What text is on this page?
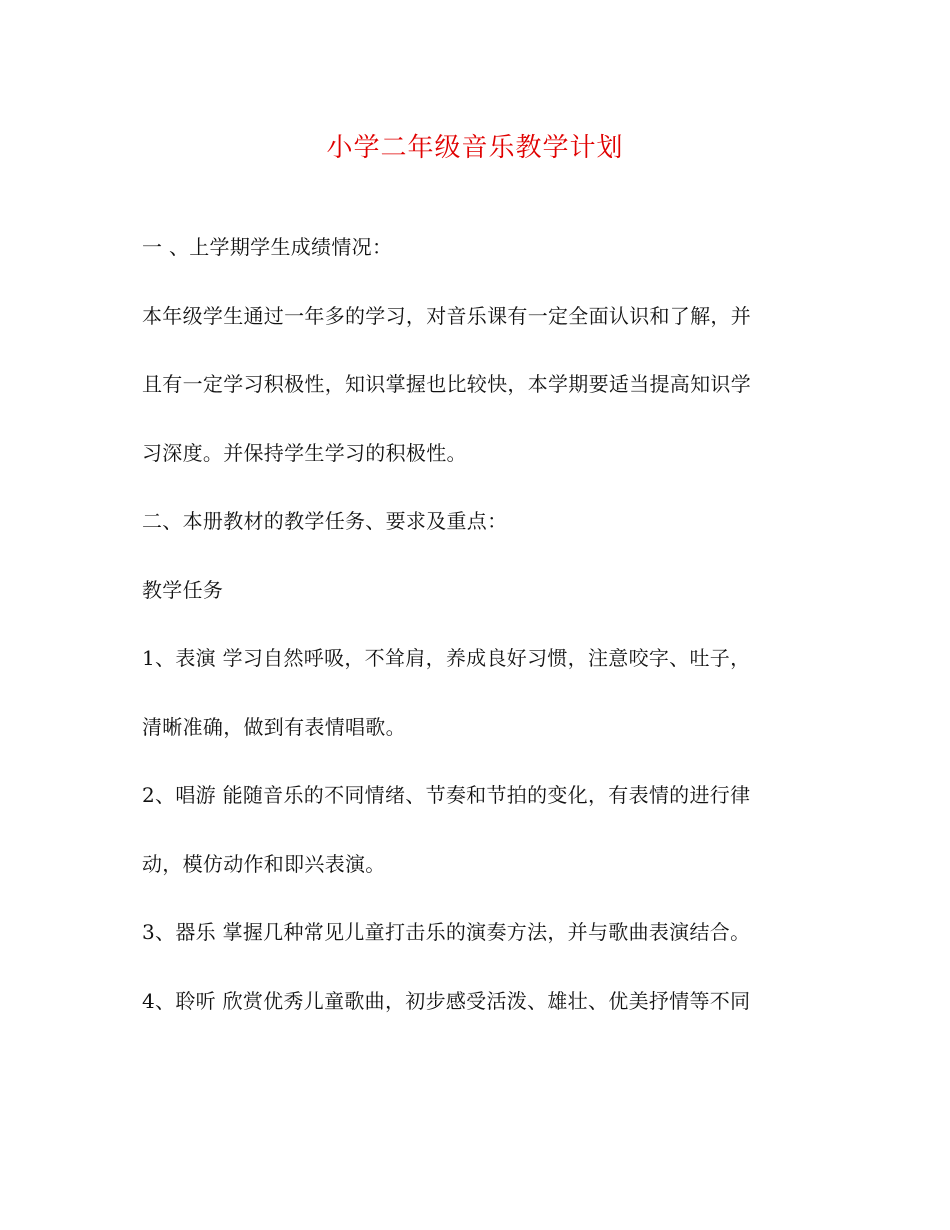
小学二年级音乐教学计划

一 、上学期学生成绩情况：

本年级学生通过一年多的学习，对音乐课有一定全面认识和了解，并

且有一定学习积极性，知识掌握也比较快，本学期要适当提高知识学

习深度。并保持学生学习的积极性。

二、本册教材的教学任务、要求及重点：

教学任务

1、表演 学习自然呼吸，不耸肩，养成良好习惯，注意咬字、吐子，

清晰准确，做到有表情唱歌。

2、唱游 能随音乐的不同情绪、节奏和节拍的变化，有表情的进行律

动，模仿动作和即兴表演。

3、器乐 掌握几种常见儿童打击乐的演奏方法，并与歌曲表演结合。

4、聆听 欣赏优秀儿童歌曲，初步感受活泼、雄壮、优美抒情等不同
